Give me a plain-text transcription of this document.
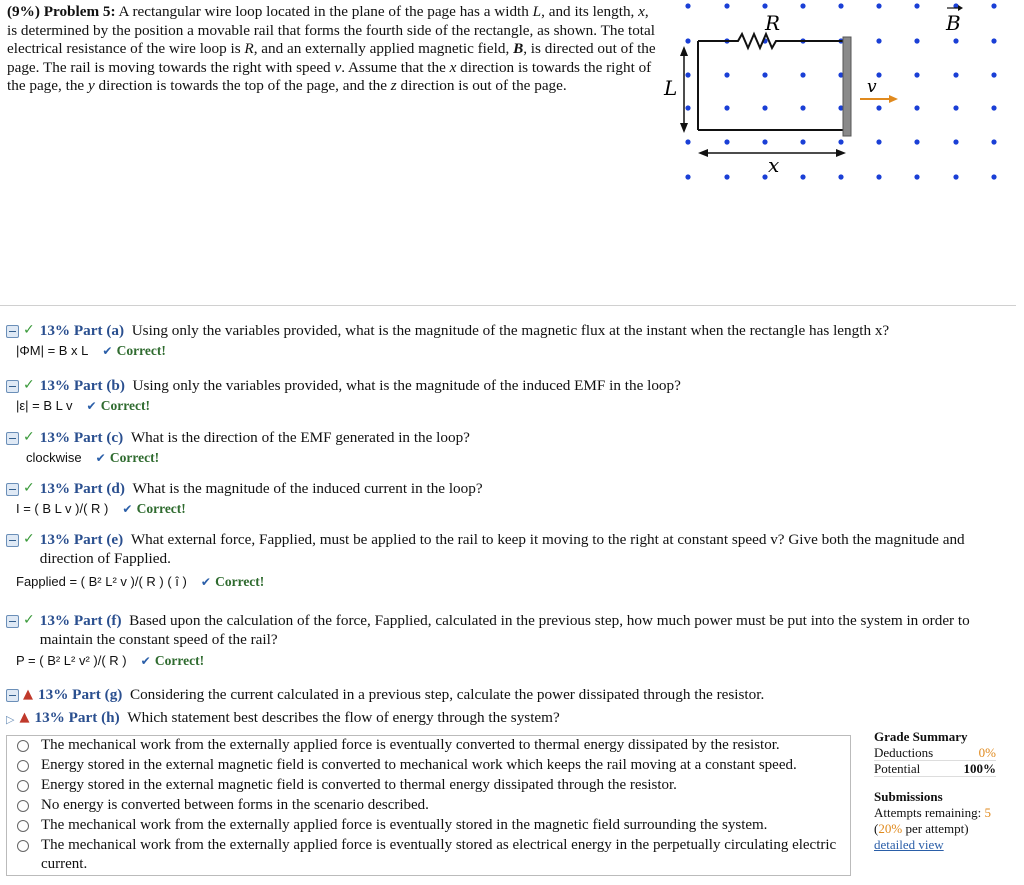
(9%) Problem 5: A rectangular wire loop located in the plane of the page has a width L, and its length, x, is determined by the position a movable rail that forms the fourth side of the rectangle, as shown. The total electrical resistance of the wire loop is R, and an externally applied magnetic field, B, is directed out of the page. The rail is moving towards the right with speed v. Assume that the x direction is towards the right of the page, the y direction is towards the top of the page, and the z direction is out of the page.
R	B
L	v
x
✓ 13% Part (a) Using only the variables provided, what is the magnitude of the magnetic flux at the instant when the rectangle has length x?
|ΦM| = B x L ✔ Correct!
✓ 13% Part (b) Using only the variables provided, what is the magnitude of the induced EMF in the loop?
|ε| = B L v ✔ Correct!
✓ 13% Part (c) What is the direction of the EMF generated in the loop?
clockwise ✔ Correct!
✓ 13% Part (d) What is the magnitude of the induced current in the loop?
I = ( B L v )/( R ) ✔ Correct!
✓ 13% Part (e) What external force, Fapplied, must be applied to the rail to keep it moving to the right at constant speed v? Give both the magnitude and direction of Fapplied.
Fapplied = ( B² L² v )/( R ) ( î ) ✔ Correct!
✓ 13% Part (f) Based upon the calculation of the force, Fapplied, calculated in the previous step, how much power must be put into the system in order to maintain the constant speed of the rail?
P = ( B² L² v² )/( R ) ✔ Correct!
▲ 13% Part (g) Considering the current calculated in a previous step, calculate the power dissipated through the resistor.
▷ ▲ 13% Part (h) Which statement best describes the flow of energy through the system?
The mechanical work from the externally applied force is eventually converted to thermal energy dissipated by the resistor.
Energy stored in the external magnetic field is converted to mechanical work which keeps the rail moving at a constant speed.
Energy stored in the external magnetic field is converted to thermal energy dissipated through the resistor.
No energy is converted between forms in the scenario described.
The mechanical work from the externally applied force is eventually stored in the magnetic field surrounding the system.
The mechanical work from the externally applied force is eventually stored as electrical energy in the perpetually circulating electric current.
Grade Summary
Deductions	0%
Potential	100%
Submissions
Attempts remaining: 5
(20% per attempt)
detailed view
